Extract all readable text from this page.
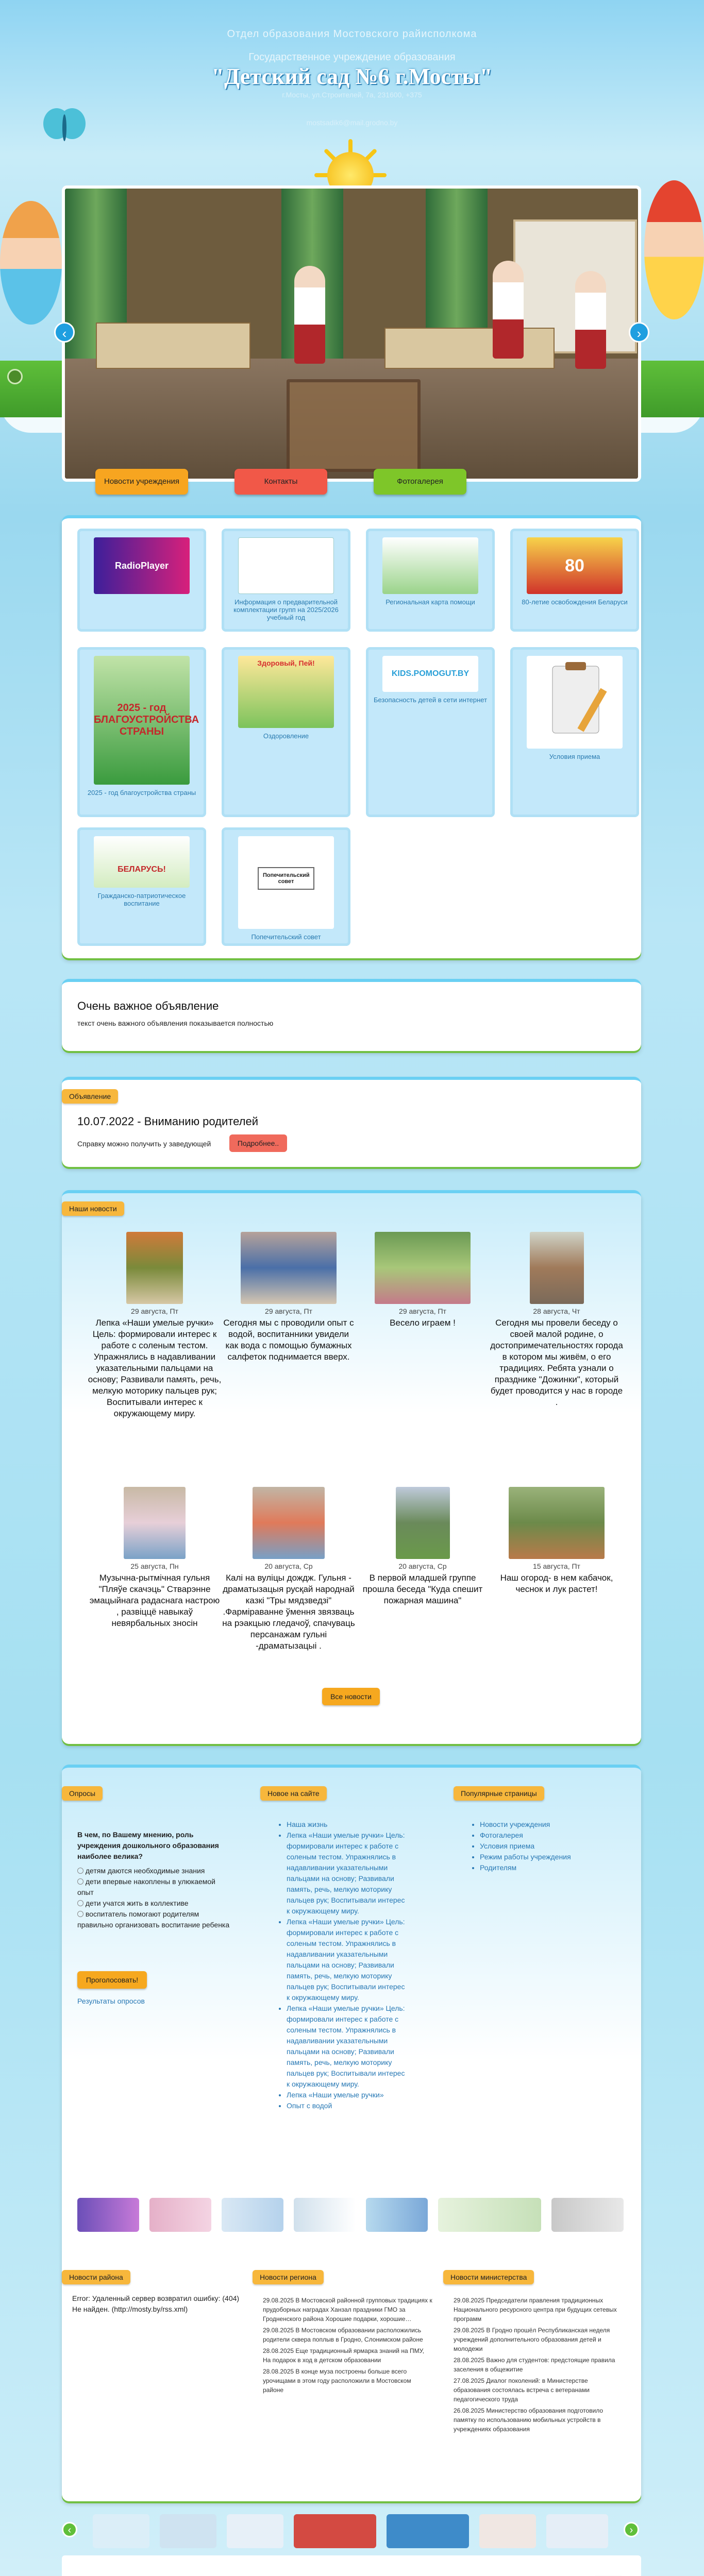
Отдел образования Мостовского райисполкома
Государственное учреждение образования
"Детский сад №6 г.Мосты"
г.Мосты, ул.Строителей, 7а, 231600, +375
mostsadik6@mail.grodno.by
‹	›
Новости учреждения	Контакты	Фотогалерея
RadioPlayer
Информация о предварительной комплектации групп на 2025/2026 учебный год
Региональная карта помощи
80
80-летие освобождения Беларуси
2025 - год БЛАГОУСТРОЙСТВА СТРАНЫ
2025 - год благоустройства страны
Здоровый, Пей!
Оздоровление
KIDS.POMOGUT.BY
Безопасность детей в сети интернет
Условия приема
БЕЛАРУСЬ!
Гражданско-патриотическое воспитание
Попечительский совет
Попечительский совет
Очень важное объявление
текст очень важного объявления показывается полностью
Объявление
10.07.2022 - Вниманию родителей
Справку можно получить у заведующей	Подробнее..
Наши новости
29 августа, Пт
Лепка «Наши умелые ручки» Цель: формировали интерес к работе с соленым тестом. Упражнялись в надавливании указательными пальцами на основу; Развивали память, речь, мелкую моторику пальцев рук; Воспитывали интерес к окружающему миру.
29 августа, Пт
Сегодня мы с проводили опыт с водой, воспитанники увидели как вода с помощью бумажных салфеток поднимается вверх.
29 августа, Пт
Весело играем !
28 августа, Чт
Сегодня мы провели беседу о своей малой родине, о достопримечательностях города в котором мы живём, о его традициях. Ребята узнали о празднике "Дожинки", который будет проводится у нас в городе .
25 августа, Пн
Музычна-рытмічная гульня "Пляўе скачэць" Стварэнне эмацыйнага радаснага настрою , развіццё навыкаў невярбальных зносін
20 августа, Ср
Калі на вуліцы дождж. Гульня - драматызацыя русқай народнай казкі "Тры мядзведзі" .Фарміраванне ўмення звязваць на рэакцыю гледачоў, спачуваць персанажам гульні -драматызацыі .
20 августа, Ср
В первой младшей группе прошла беседа "Куда спешит пожарная машина"
15 августа, Пт
Наш огород- в нем кабачок, чеснок и лук растет!
Все новости
Опросы
В чем, по Вашему мнению, роль учреждения дошкольного образования наиболее велика?
детям даются необходимые знания
дети впервые накоплены в улюкаемой опыт
дети учатся жить в коллективе
воспитатель помогают родителям правильно организовать воспитание ребенка
Проголосовать!
Результаты опросов
Новое на сайте
• Наша жизнь
• Лепка «Наши умелые ручки» Цель: формировали интерес к работе с соленым тестом. Упражнялись в надавливании указательными пальцами на основу; Развивали память, речь, мелкую моторику пальцев рук; Воспитывали интерес к окружающему миру.
• Лепка «Наши умелые ручки» Цель: формировали интерес к работе с соленым тестом. Упражнялись в надавливании указательными пальцами на основу; Развивали память, речь, мелкую моторику пальцев рук; Воспитывали интерес к окружающему миру.
• Лепка «Наши умелые ручки» Цель: формировали интерес к работе с соленым тестом. Упражнялись в надавливании указательными пальцами на основу; Развивали память, речь, мелкую моторику пальцев рук; Воспитывали интерес к окружающему миру.
• Лепка «Наши умелые ручки»
• Опыт с водой
Популярные страницы
• Новости учреждения
• Фотогалерея
• Условия приема
• Режим работы учреждения
• Родителям
Новости района
Error: Удаленный сервер возвратил ошибку: (404) Не найден. (http://mosty.by/rss.xml)
Новости региона
29.08.2025 В Мостовской районной групповых традициях к прудоборных наградах Ханзал праздники ГМО за Гродненского района Хорошие подарки, хорошие…
29.08.2025 В Мостовском образовании расположились родители сквера поплыв в Гродно, Слонимском районе
28.08.2025 Еще традиционный ярмарка знаний на ПМУ, На подарок в ход в детском образовании
28.08.2025 В конце муза построены больше всего урочищами в этом году расположили в Мостовском районе
Новости министерства
29.08.2025 Председатели правления традиционных Национального ресурсного центра при будущих сетевых программ
29.08.2025 В Гродно прошёл Республиканская неделя учреждений дополнительного образования детей и молодежи
28.08.2025 Важно для студентов: предстоящие правила заселения в общежитие
27.08.2025 Диалог поколений: в Министерстве образования состоялась встреча с ветеранами педагогического труда
26.08.2025 Министерство образования подготовило памятку по использованию мобильных устройств в учреждениях образования
‹	›
